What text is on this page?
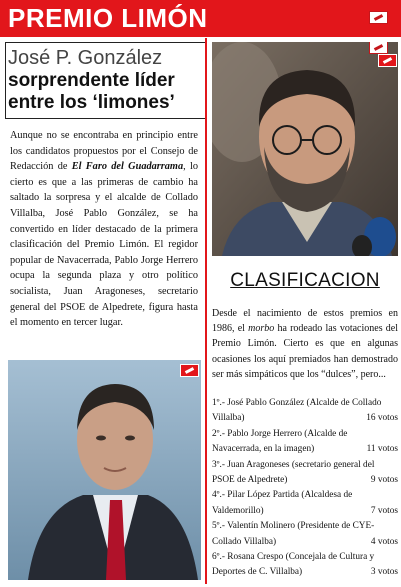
PREMIO LIMÓN
José P. González
sorprendente líder entre los ‘limones’
Aunque no se encontraba en principio entre los candidatos propuestos por el Consejo de Redacción de El Faro del Guadarrama, lo cierto es que a las primeras de cambio ha saltado la sorpresa y el alcalde de Collado Villalba, José Pablo González, se ha convertido en líder destacado de la primera clasificación del Premio Limón. El regidor popular de Navacerrada, Pablo Jorge Herrero ocupa la segunda plaza y otro político socialista, Juan Aragoneses, secretario general del PSOE de Alpedrete, figura hasta el momento en tercer lugar.
CLASIFICACION
Desde el nacimiento de estos premios en 1986, el morbo ha rodeado las votaciones del Premio Limón. Cierto es que en algunas ocasiones los aquí premiados han demostrado ser más simpáticos que los “dulces”, pero...
1º.- José Pablo González (Alcalde de Collado Villalba)	16 votos
2º.- Pablo Jorge Herrero (Alcalde de Navacerrada, en la imagen)	11 votos
3º.- Juan Aragoneses (secretario general del PSOE de Alpedrete)	9 votos
4º.- Pilar López Partida (Alcaldesa de Valdemorillo)	7 votos
5º.- Valentín Molinero (Presidente de CYE-Collado Villalba)	4 votos
6º.- Rosana Crespo (Concejala de Cultura y Deportes de C. Villalba)	3 votos
